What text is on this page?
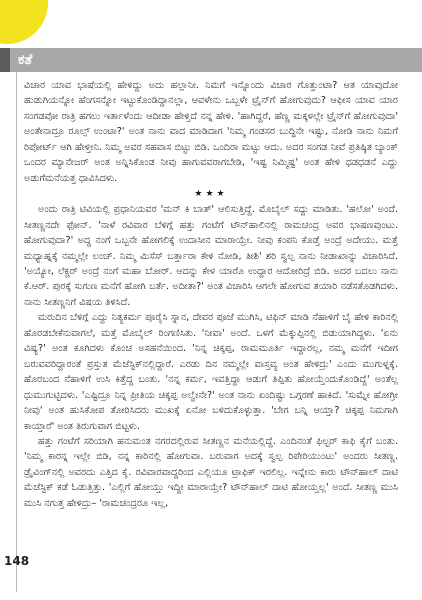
ಕತೆ

ವಿಚಾರ ಯಾವ ಭಾಷೆಯಲ್ಲಿ ಹೇಳಿದ್ದು ಅದು ಹಲ್ಲಾನೀ. ನಿಮಗೆ ಇನ್ನೊಂದು ವಿಚಾರ ಗೊತ್ತುಂಟಾ? ಆತ ಯಾವುದೋ ಹುಡುಗಿಯನ್ನೋ ಹೆಂಗಸನ್ನೋ ಇಟ್ಟುಕೊಂಡಿದ್ದಾನಲ್ಲಾ, ಆವಳೇನು ಒಬ್ಬಳೇ ಟ್ರೈನ್‌ಗೆ ಹೋಗುವುದು? ಆಫೀಸ ಯಾವ ಯಾರ ಸಂಗಡವೋ ರಾತ್ರಿ ಹಗಲು ಇರ್ತಾಳೆಂದು ಆದೀಡಾ ಹೇಳ್ತಿದೆ ನನ್ನ ಹೇಳಿ. 'ಹಾಗಿದ್ದರೆ, ಹೆಣ್ಣ ಮಕ್ಕಳಲ್ಲೇ ಟ್ರೈನ್‌ಗೆ ಹೋಗುವುದಾ' ಅಂತೇನಾದ್ರೂ ರೂಲ್ಸ್ ಉಂಟಾ?' ಅಂತ ನಾನು ವಾದ ಮಾಡಿದಾಗ 'ನಿಮ್ಮ ಗಂಡಸರ ಬುದ್ಧಿನೇ ಇಷ್ಟು, ನೋಡಿ ನಾನು ನಿಮಗೆ ರಿಪೋರ್ಟ್ ಆಗಿ ಹೇಳ್ತೀನಿ. ನಿಮ್ಮ ಅವರ ಸಹವಾಸ ಬಿಟ್ಟು ಬಿಡಿ. ಒಂದಿರಾ ಮಟ್ಟು ಆದು. ಅದರ ಸಂಗಡ ನೀವೆ ಪ್ರತಿಷ್ಠಿತ ಬ್ಯಾಂಕ್ ಒಂದರ ಮ್ಯಾನೇಜರ್ ಅಂತ ಅನ್ನಿಸಿಕೊಂಡ ನೀವು ಹಾಗುವವರಾಗಬೇಡಿ, 'ಇಷ್ಟ ನಿಮ್ಮಿಷ್ಟ' ಅಂತ ಹೇಳಿ ಧಡಧಡನೆ ಎದ್ದು ಅಡುಗೆಮನೆಯತ್ತ ಧಾವಿಸಿದಳು.

★★★

ಅಂದು ರಾತ್ರಿ ಟಿವಿಯಲ್ಲಿ ಪ್ರಧಾನಿಯವರ 'ಮನ್ ಕಿ ಬಾತ್' ಆಲಿಸುತ್ತಿದ್ದೆ. ಮೊಬೈಲ್ ಸದ್ದು ಮಾಡಿತು. 'ಹಲೋ' ಅಂದೆ. ಸೀತಣ್ಣನದೇ ಫೋನ್. 'ನಾಳೆ ರವಿವಾರ ಬೆಳಿಗ್ಗೆ ಹತ್ತು ಗಂಟೆಗೆ ಟೌನ್‌ಹಾಲಿನಲ್ಲಿ ರಾಮಚಂದ್ರ ಅವರ ಭಾಷಣವುಂಟು. ಹೋಗುವುದಾ?' ಅದ್ದ ನಂಗೆ ಒಬ್ಬನೇ ಹೋಗಲಿಕ್ಕೆ ಉದಾಸೀನ ಮಾರಾಯ್ರೇ. ನೀವು ಕಂಪನಿ ಕೊಡ್ತೆ ಅಂದ್ರೆ ಅದೇಯು. ಮತ್ತೆ ಮಧ್ಯಾಹ್ನಕ್ಕೆ ನಮ್ಮಲ್ಲೇ ಲಂಚ್. ನಿಮ್ಮ ಮಿಸೆಸ್ ಬರ್ತ್ತಾರಾ ಕೇಳಿ ನೋಡಿ, ತೀಶಿ' ಶರಿ ಸ್ವಲ್ಪ ನಾನು ನೀಡಾಖಾನ್ನು ವಿಚಾರಿಸಿದೆ. 'ಅಯ್ಯೋ, ಲೆಕ್ಚರ್ ಅಂದ್ರೆ ನಂಗೆ ಮಹಾ ಬೋರ್. ಆದನ್ನು ಕೇಳ ಯಾರೊ ಉದ್ದಾರ ಆದೋರಿದ್ರೆ ಬಿಡಿ. ಅದರ ಬದಲು ನಾನು ಕೆ.ಆರ್. ಪುರಕ್ಕೆ ಸುಗುಣ ಮನೆಗೆ ಹೋಗಿ ಬರ್ತೆ. ಅದೀತಾ?' ಅಂತ ವಿಚಾರಿಸಿ ಆಗಲೇ ಹೋಗುವ ತಯಾರಿ ನಡೆಸತೊಡಗಿದಳು. ನಾನು ಸೀತಣ್ಣನಿಗೆ ವಿಷಯ ತಿಳಿಸಿದೆ.

ಮರುದಿನ ಬೆಳಿಗ್ಗೆ ಎದ್ದು ನಿತ್ಯಕರ್ಮ ಪೂರೈಸಿ ಸ್ನಾನ, ದೇವರ ಪೂಜೆ ಮುಗಿಸಿ, ಟಿಫಿನ್ ಮಾಡಿ ನೆಹಾಳಿಗೆ ಬೈ ಹೇಳಿ ಕಾರಿನಲ್ಲಿ ಹೊರಡಬೇಕೆನುವಾಗಲೆ, ಮತ್ತೆ ಮೊಬೈಲ್ ರಿಂಗಣಿಸಿತು. 'ನೀವಾ' ಅಂದೆ. ಒಳಗೆ ಮೆಕ್ಕುಪ್ಪಿನಲ್ಲಿ ಬಿಡುಯಾಗಿದ್ದಳು. 'ಏನು ವಿಷ್ಯ?' ಅಂತ ಕೂಗಿದಳು ಕೊಂಚ ಅಸಹನೆಯಿಂದ. 'ನಿನ್ನ ಚಿಕ್ಕಪ್ಪ, ರಾಮಮೂರ್ತಿ ಇದ್ದಾರಲ್ಲ, ನಮ್ಮ ಮನೆಗೆ ಇದೀಗ ಬರುವವರಿದ್ದಾರಂತೆ ಪ್ರಸ್ತುತ ಮೆಜೆಸ್ಟಿಕ್‌ನಲ್ಲಿದ್ದಾರೆ. ಎರಡು ದಿನ ನಮ್ಮಲ್ಲೇ ವಾಸ್ತವ್ಯ ಅಂತ ಹೇಳಿದ್ರು' ಎಂದು ಮುಗುಳ್ನಕ್ಕೆ. ಹೊರಬಂದ ನೆಹಾಳಿಗೆ ಉಸಿ ಕಿತ್ತೆದ್ದ ಬಂತು. 'ನನ್ನ ಕರ್ಮ, ಇವತ್ತಿದ್ದಾ ಆಡುಗೆ ತಿಪ್ಪಿತು ಹೋಯ್ತೆಂದುಕೊಂಡಿದ್ದೆ' ಅಂತೆಲ್ಲ ಧುಮುಗುಟ್ಟಿದಳು. 'ಎಷ್ಟಿದ್ರೂ ನಿನ್ನ ಪ್ರೀತಿಯ ಚಿಕ್ಕಪ್ಪ ಅಲ್ವೇನೇ?' ಅಂತ ನಾನು ಏಂದಿಷ್ಟು ಒಗ್ಗರಣೆ ಹಾಕಿದೆ. 'ಸುಮ್ನೇ ಹೋಗ್ರೀ ನೀವು' ಅಂತ ಹುಸಿಕೋಪ ತೋರಿಸಿದರು ಮುಖಕ್ಕೆ ಏನೋ ಬಳಿದುಕೊಳ್ಳುತ್ತಾ. 'ಬೇಗ ಬನ್ನಿ ಆಯ್ತಾ? ಚಿಕ್ಕಪ್ಪ ನಿಮಗಾಗಿ ಕಾಯ್ತಾರೆ' ಅಂತ ತಿರುಗುವಾಗ ಬಿಟ್ಟಳು.

ಹತ್ತು ಗಂಟೆಗೆ ಸರಿಯಾಗಿ ಹನುಮಂತ ನಗರದಲ್ಲಿರುವ ಸೀತಣ್ಣನ ಮನೆಯಲ್ಲಿದ್ದೆ. ಎಂದಿನಂತೆ ಫಿಲ್ಟರ್ ಕಾಫಿ ಕೈಗೆ ಬಂತು. 'ನಿಮ್ಮ ಕಾರನ್ನ ಇಲ್ಲೇ ಬಿಡಿ, ನನ್ನ ಕಾರಿನಲ್ಲಿ ಹೋಗುವಾ. ಬರುವಾಗ ಅದಕ್ಕೆ ಸ್ವಲ್ಪ ರಿಪೇರಿಯುಂಟು' ಅಂದರು ಸೀತಣ್ಣ. ಡ್ರೈವಿಂಗ್‌ನಲ್ಲಿ ಅವರದು ಎತ್ತಿದ ಕೈ. ರವಿವಾರವಾದ್ದರಿಂದ ಎಲ್ಲಿಯೂ ಟ್ರಾಫಿಕ್ ಇರಲಿಲ್ಲ. ಇನ್ನೇನು ಕಾರು ಟೌನ್‌ಹಾಲ್ ದಾಟಿ ಮೆಜೆಸ್ಟಿಕ್ ಕಡೆ ಓಡುತ್ತಿತ್ತು. 'ಎಲ್ಲಿಗೆ ಹೋಯ್ತು ಇದ್ದೀ ಮಾರಾಯ್ರೇ? ಟೌನ್‌ಹಾಲ್ ದಾಟಿ ಹೋಯ್ತಲ್ಲ' ಅಂದೆ. ಸೀತಣ್ಣ ಮುಸಿ ಮುಸಿ ನಗುತ್ತ ಹೇಳಿದ್ರು– 'ರಾಮಚಂದ್ರರೂ ಇಲ್ಲ,

148
